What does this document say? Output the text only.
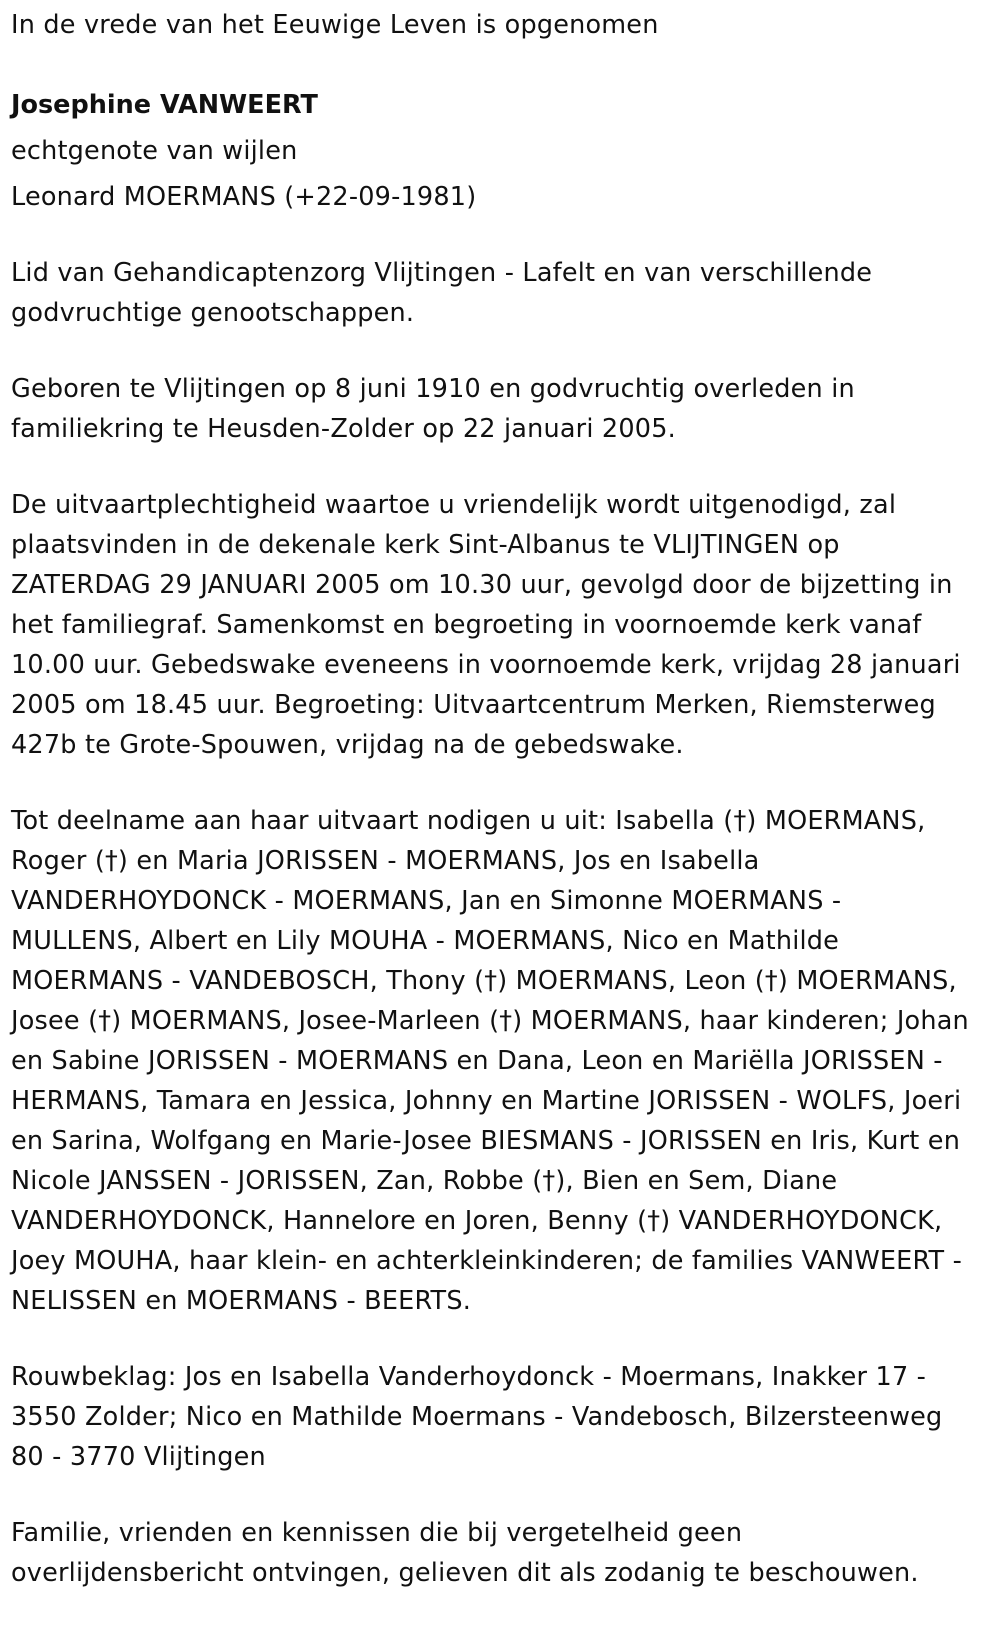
In de vrede van het Eeuwige Leven is opgenomen

Josephine VANWEERT

echtgenote van wijlen

Leonard MOERMANS (+22-09-1981)

Lid van Gehandicaptenzorg Vlijtingen - Lafelt en van verschillende godvruchtige genootschappen.

Geboren te Vlijtingen op 8 juni 1910 en godvruchtig overleden in familiekring te Heusden-Zolder op 22 januari 2005.

De uitvaartplechtigheid waartoe u vriendelijk wordt uitgenodigd, zal plaatsvinden in de dekenale kerk Sint-Albanus te VLIJTINGEN op ZATERDAG 29 JANUARI 2005 om 10.30 uur, gevolgd door de bijzetting in het familiegraf. Samenkomst en begroeting in voornoemde kerk vanaf 10.00 uur. Gebedswake eveneens in voornoemde kerk, vrijdag 28 januari 2005 om 18.45 uur. Begroeting: Uitvaartcentrum Merken, Riemsterweg 427b te Grote-Spouwen, vrijdag na de gebedswake.

Tot deelname aan haar uitvaart nodigen u uit: Isabella (†) MOERMANS, Roger (†) en Maria JORISSEN - MOERMANS, Jos en Isabella VANDERHOYDONCK - MOERMANS, Jan en Simonne MOERMANS - MULLENS, Albert en Lily MOUHA - MOERMANS, Nico en Mathilde MOERMANS - VANDEBOSCH, Thony (†) MOERMANS, Leon (†) MOERMANS, Josee (†) MOERMANS, Josee-Marleen (†) MOERMANS, haar kinderen; Johan en Sabine JORISSEN - MOERMANS en Dana, Leon en Mariëlla JORISSEN - HERMANS, Tamara en Jessica, Johnny en Martine JORISSEN - WOLFS, Joeri en Sarina, Wolfgang en Marie-Josee BIESMANS - JORISSEN en Iris, Kurt en Nicole JANSSEN - JORISSEN, Zan, Robbe (†), Bien en Sem, Diane VANDERHOYDONCK, Hannelore en Joren, Benny (†) VANDERHOYDONCK, Joey MOUHA, haar klein- en achterkleinkinderen; de families VANWEERT - NELISSEN en MOERMANS - BEERTS.

Rouwbeklag: Jos en Isabella Vanderhoydonck - Moermans, Inakker 17 - 3550 Zolder; Nico en Mathilde Moermans - Vandebosch, Bilzersteenweg 80 - 3770 Vlijtingen

Familie, vrienden en kennissen die bij vergetelheid geen overlijdensbericht ontvingen, gelieven dit als zodanig te beschouwen.
